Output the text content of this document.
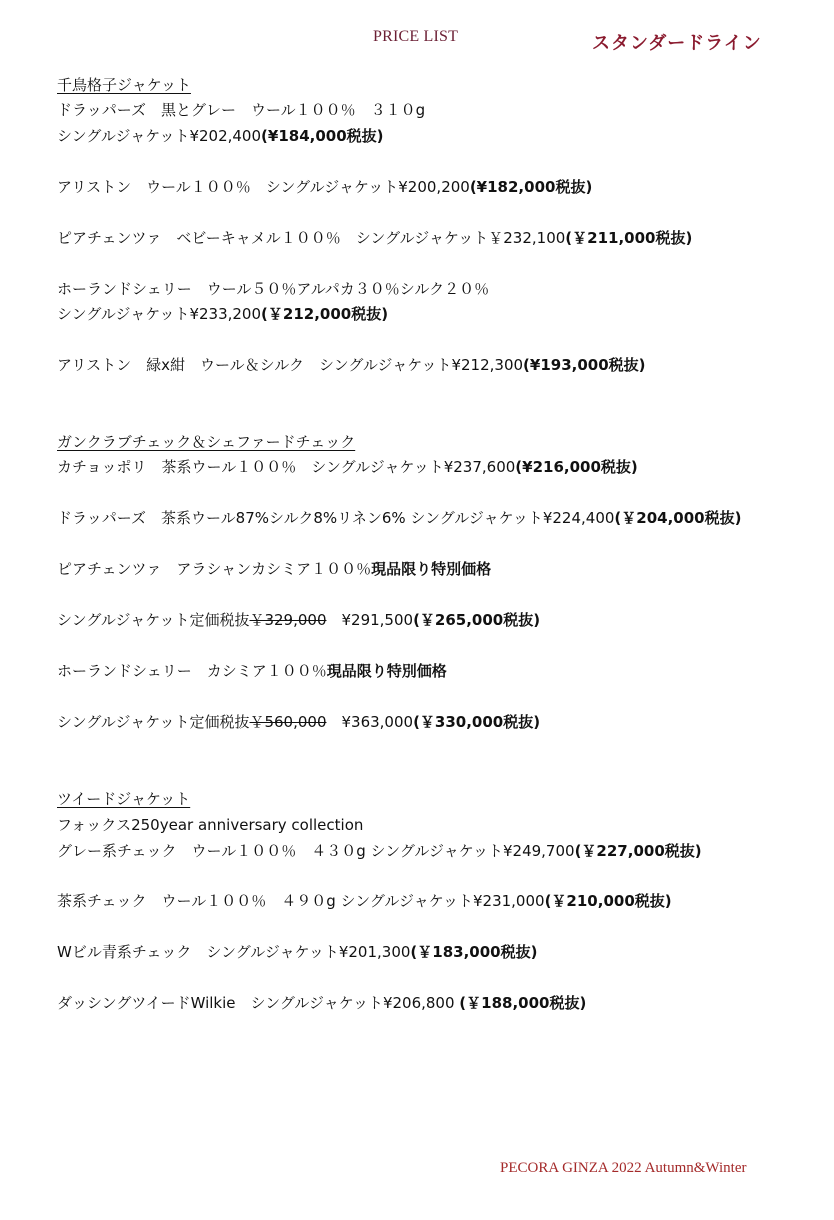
PRICE LIST	スタンダードライン
千鳥格子ジャケット
ドラッパーズ　黒とグレー　ウール１００％　３１０g
シングルジャケット¥202,400(¥184,000税抜)
アリストン　ウール１００％　シングルジャケット¥200,200(¥182,000税抜)
ピアチェンツァ　ベビーキャメル１００％　シングルジャケット￥232,100(￥211,000税抜)
ホーランドシェリー　ウール５０％アルパカ３０％シルク２０％
シングルジャケット¥233,200(￥212,000税抜)
アリストン　緑x紺　ウール＆シルク　シングルジャケット¥212,300(¥193,000税抜)
ガンクラブチェック＆シェファードチェック
カチョッポリ　茶系ウール１００％　シングルジャケット¥237,600(¥216,000税抜)
ドラッパーズ　茶系ウール87%シルク8%リネン6% シングルジャケット¥224,400(￥204,000税抜)
ピアチェンツァ　アラシャンカシミア１００％現品限り特別価格
シングルジャケット定価税抜￥329,000　¥291,500(￥265,000税抜)
ホーランドシェリー　カシミア１００％現品限り特別価格
シングルジャケット定価税抜￥560,000　¥363,000(￥330,000税抜)
ツイードジャケット
フォックス250year anniversary collection
グレー系チェック　ウール１００％　４３０g シングルジャケット¥249,700(￥227,000税抜)
茶系チェック　ウール１００％　４９０g シングルジャケット¥231,000(￥210,000税抜)
Wビル青系チェック　シングルジャケット¥201,300(￥183,000税抜)
ダッシングツイードWilkie　シングルジャケット¥206,800 (￥188,000税抜)
PECORA GINZA 2022 Autumn&Winter
